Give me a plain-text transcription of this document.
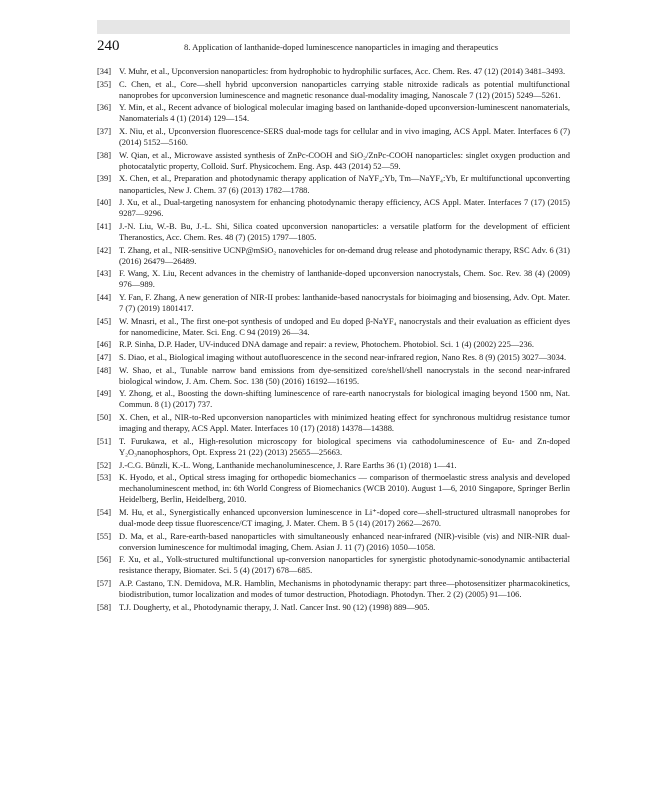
240	8. Application of lanthanide-doped luminescence nanoparticles in imaging and therapeutics
[34] V. Muhr, et al., Upconversion nanoparticles: from hydrophobic to hydrophilic surfaces, Acc. Chem. Res. 47 (12) (2014) 3481–3493.
[35] C. Chen, et al., Core—shell hybrid upconversion nanoparticles carrying stable nitroxide radicals as potential multifunctional nanoprobes for upconversion luminescence and magnetic resonance dual-modality imaging, Nanoscale 7 (12) (2015) 5249—5261.
[36] Y. Min, et al., Recent advance of biological molecular imaging based on lanthanide-doped upconversion-luminescent nanomaterials, Nanomaterials 4 (1) (2014) 129—154.
[37] X. Niu, et al., Upconversion fluorescence-SERS dual-mode tags for cellular and in vivo imaging, ACS Appl. Mater. Interfaces 6 (7) (2014) 5152—5160.
[38] W. Qian, et al., Microwave assisted synthesis of ZnPc-COOH and SiO₂/ZnPc-COOH nanoparticles: singlet oxygen production and photocatalytic property, Colloid. Surf. Physicochem. Eng. Asp. 443 (2014) 52—59.
[39] X. Chen, et al., Preparation and photodynamic therapy application of NaYF₄:Yb, Tm—NaYF₄:Yb, Er multifunctional upconverting nanoparticles, New J. Chem. 37 (6) (2013) 1782—1788.
[40] J. Xu, et al., Dual-targeting nanosystem for enhancing photodynamic therapy efficiency, ACS Appl. Mater. Interfaces 7 (17) (2015) 9287—9296.
[41] J.-N. Liu, W.-B. Bu, J.-L. Shi, Silica coated upconversion nanoparticles: a versatile platform for the development of efficient Theranostics, Acc. Chem. Res. 48 (7) (2015) 1797—1805.
[42] T. Zhang, et al., NIR-sensitive UCNP@mSiO₂ nanovehicles for on-demand drug release and photodynamic therapy, RSC Adv. 6 (31) (2016) 26479—26489.
[43] F. Wang, X. Liu, Recent advances in the chemistry of lanthanide-doped upconversion nanocrystals, Chem. Soc. Rev. 38 (4) (2009) 976—989.
[44] Y. Fan, F. Zhang, A new generation of NIR-II probes: lanthanide-based nanocrystals for bioimaging and biosensing, Adv. Opt. Mater. 7 (7) (2019) 1801417.
[45] W. Mnasri, et al., The first one-pot synthesis of undoped and Eu doped β-NaYF₄ nanocrystals and their evaluation as efficient dyes for nanomedicine, Mater. Sci. Eng. C 94 (2019) 26—34.
[46] R.P. Sinha, D.P. Hader, UV-induced DNA damage and repair: a review, Photochem. Photobiol. Sci. 1 (4) (2002) 225—236.
[47] S. Diao, et al., Biological imaging without autofluorescence in the second near-infrared region, Nano Res. 8 (9) (2015) 3027—3034.
[48] W. Shao, et al., Tunable narrow band emissions from dye-sensitized core/shell/shell nanocrystals in the second near-infrared biological window, J. Am. Chem. Soc. 138 (50) (2016) 16192—16195.
[49] Y. Zhong, et al., Boosting the down-shifting luminescence of rare-earth nanocrystals for biological imaging beyond 1500 nm, Nat. Commun. 8 (1) (2017) 737.
[50] X. Chen, et al., NIR-to-Red upconversion nanoparticles with minimized heating effect for synchronous multidrug resistance tumor imaging and therapy, ACS Appl. Mater. Interfaces 10 (17) (2018) 14378—14388.
[51] T. Furukawa, et al., High-resolution microscopy for biological specimens via cathodoluminescence of Eu- and Zn-doped Y₂O₃nanophosphors, Opt. Express 21 (22) (2013) 25655—25663.
[52] J.-C.G. Bünzli, K.-L. Wong, Lanthanide mechanoluminescence, J. Rare Earths 36 (1) (2018) 1—41.
[53] K. Hyodo, et al., Optical stress imaging for orthopedic biomechanics — comparison of thermoelastic stress analysis and developed mechanoluminescent method, in: 6th World Congress of Biomechanics (WCB 2010). August 1—6, 2010 Singapore, Springer Berlin Heidelberg, Berlin, Heidelberg, 2010.
[54] M. Hu, et al., Synergistically enhanced upconversion luminescence in Li⁺-doped core—shell-structured ultrasmall nanoprobes for dual-mode deep tissue fluorescence/CT imaging, J. Mater. Chem. B 5 (14) (2017) 2662—2670.
[55] D. Ma, et al., Rare-earth-based nanoparticles with simultaneously enhanced near-infrared (NIR)-visible (vis) and NIR-NIR dual-conversion luminescence for multimodal imaging, Chem. Asian J. 11 (7) (2016) 1050—1058.
[56] F. Xu, et al., Yolk-structured multifunctional up-conversion nanoparticles for synergistic photodynamic-sonodynamic antibacterial resistance therapy, Biomater. Sci. 5 (4) (2017) 678—685.
[57] A.P. Castano, T.N. Demidova, M.R. Hamblin, Mechanisms in photodynamic therapy: part three—photosensitizer pharmacokinetics, biodistribution, tumor localization and modes of tumor destruction, Photodiagn. Photodyn. Ther. 2 (2) (2005) 91—106.
[58] T.J. Dougherty, et al., Photodynamic therapy, J. Natl. Cancer Inst. 90 (12) (1998) 889—905.
